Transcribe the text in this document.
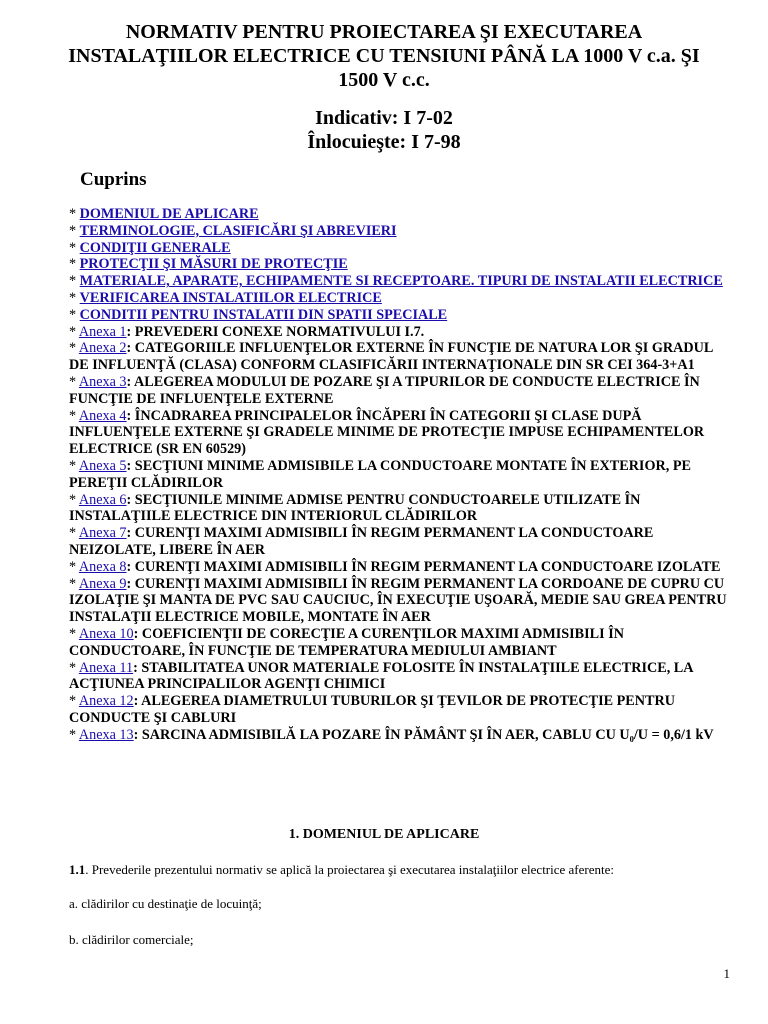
NORMATIV PENTRU PROIECTAREA ŞI EXECUTAREA
INSTALAŢIILOR ELECTRICE CU TENSIUNI PÂNĂ LA 1000 V c.a. ŞI
1500 V c.c.
Indicativ: I 7-02
Înlocuieşte: I 7-98
Cuprins
* DOMENIUL DE APLICARE
* TERMINOLOGIE, CLASIFICĂRI ŞI ABREVIERI
* CONDIŢII GENERALE
* PROTECŢII ŞI MĂSURI DE PROTECŢIE
* MATERIALE, APARATE, ECHIPAMENTE SI RECEPTOARE. TIPURI DE INSTALATII ELECTRICE
* VERIFICAREA INSTALATIILOR ELECTRICE
* CONDITII PENTRU INSTALATII DIN SPATII SPECIALE
* Anexa 1: PREVEDERI CONEXE NORMATIVULUI I.7.
* Anexa 2: CATEGORIILE INFLUENŢELOR EXTERNE ÎN FUNCŢIE DE NATURA LOR ŞI GRADUL DE INFLUENŢĂ (CLASA) CONFORM CLASIFICĂRII INTERNAŢIONALE DIN SR CEI 364-3+A1
* Anexa 3: ALEGEREA MODULUI DE POZARE ŞI A TIPURILOR DE CONDUCTE ELECTRICE ÎN FUNCŢIE DE INFLUENŢELE EXTERNE
* Anexa 4: ÎNCADRAREA PRINCIPALELOR ÎNCĂPERI ÎN CATEGORII ŞI CLASE DUPĂ INFLUENŢELE EXTERNE ŞI GRADELE MINIME DE PROTECŢIE IMPUSE ECHIPAMENTELOR ELECTRICE (SR EN 60529)
* Anexa 5: SECŢIUNI MINIME ADMISIBILE LA CONDUCTOARE MONTATE ÎN EXTERIOR, PE PEREŢII CLĂDIRILOR
* Anexa 6: SECŢIUNILE MINIME ADMISE PENTRU CONDUCTOARELE UTILIZATE ÎN INSTALAŢIILE ELECTRICE DIN INTERIORUL CLĂDIRILOR
* Anexa 7: CURENŢI MAXIMI ADMISIBILI ÎN REGIM PERMANENT LA CONDUCTOARE NEIZOLATE, LIBERE ÎN AER
* Anexa 8: CURENŢI MAXIMI ADMISIBILI ÎN REGIM PERMANENT LA CONDUCTOARE IZOLATE
* Anexa 9: CURENŢI MAXIMI ADMISIBILI ÎN REGIM PERMANENT LA CORDOANE DE CUPRU CU IZOLAŢIE ŞI MANTA DE PVC SAU CAUCIUC, ÎN EXECUŢIE UŞOARĂ, MEDIE SAU GREA PENTRU INSTALAŢII ELECTRICE MOBILE, MONTATE ÎN AER
* Anexa 10: COEFICIENŢII DE CORECŢIE A CURENŢILOR MAXIMI ADMISIBILI ÎN CONDUCTOARE, ÎN FUNCŢIE DE TEMPERATURA MEDIULUI AMBIANT
* Anexa 11: STABILITATEA UNOR MATERIALE FOLOSITE ÎN INSTALAŢIILE ELECTRICE, LA ACŢIUNEA PRINCIPALILOR AGENŢI CHIMICI
* Anexa 12: ALEGEREA DIAMETRULUI TUBURILOR ŞI ŢEVILOR DE PROTECŢIE PENTRU CONDUCTE ŞI CABLURI
* Anexa 13: SARCINA ADMISIBILĂ LA POZARE ÎN PĂMÂNT ŞI ÎN AER, CABLU CU U₀/U = 0,6/1 kV
1. DOMENIUL DE APLICARE

1.1. Prevederile prezentului normativ se aplică la proiectarea şi executarea instalaţiilor electrice aferente:

a. clădirilor cu destinaţie de locuinţă;

b. clădirilor comerciale;

1
